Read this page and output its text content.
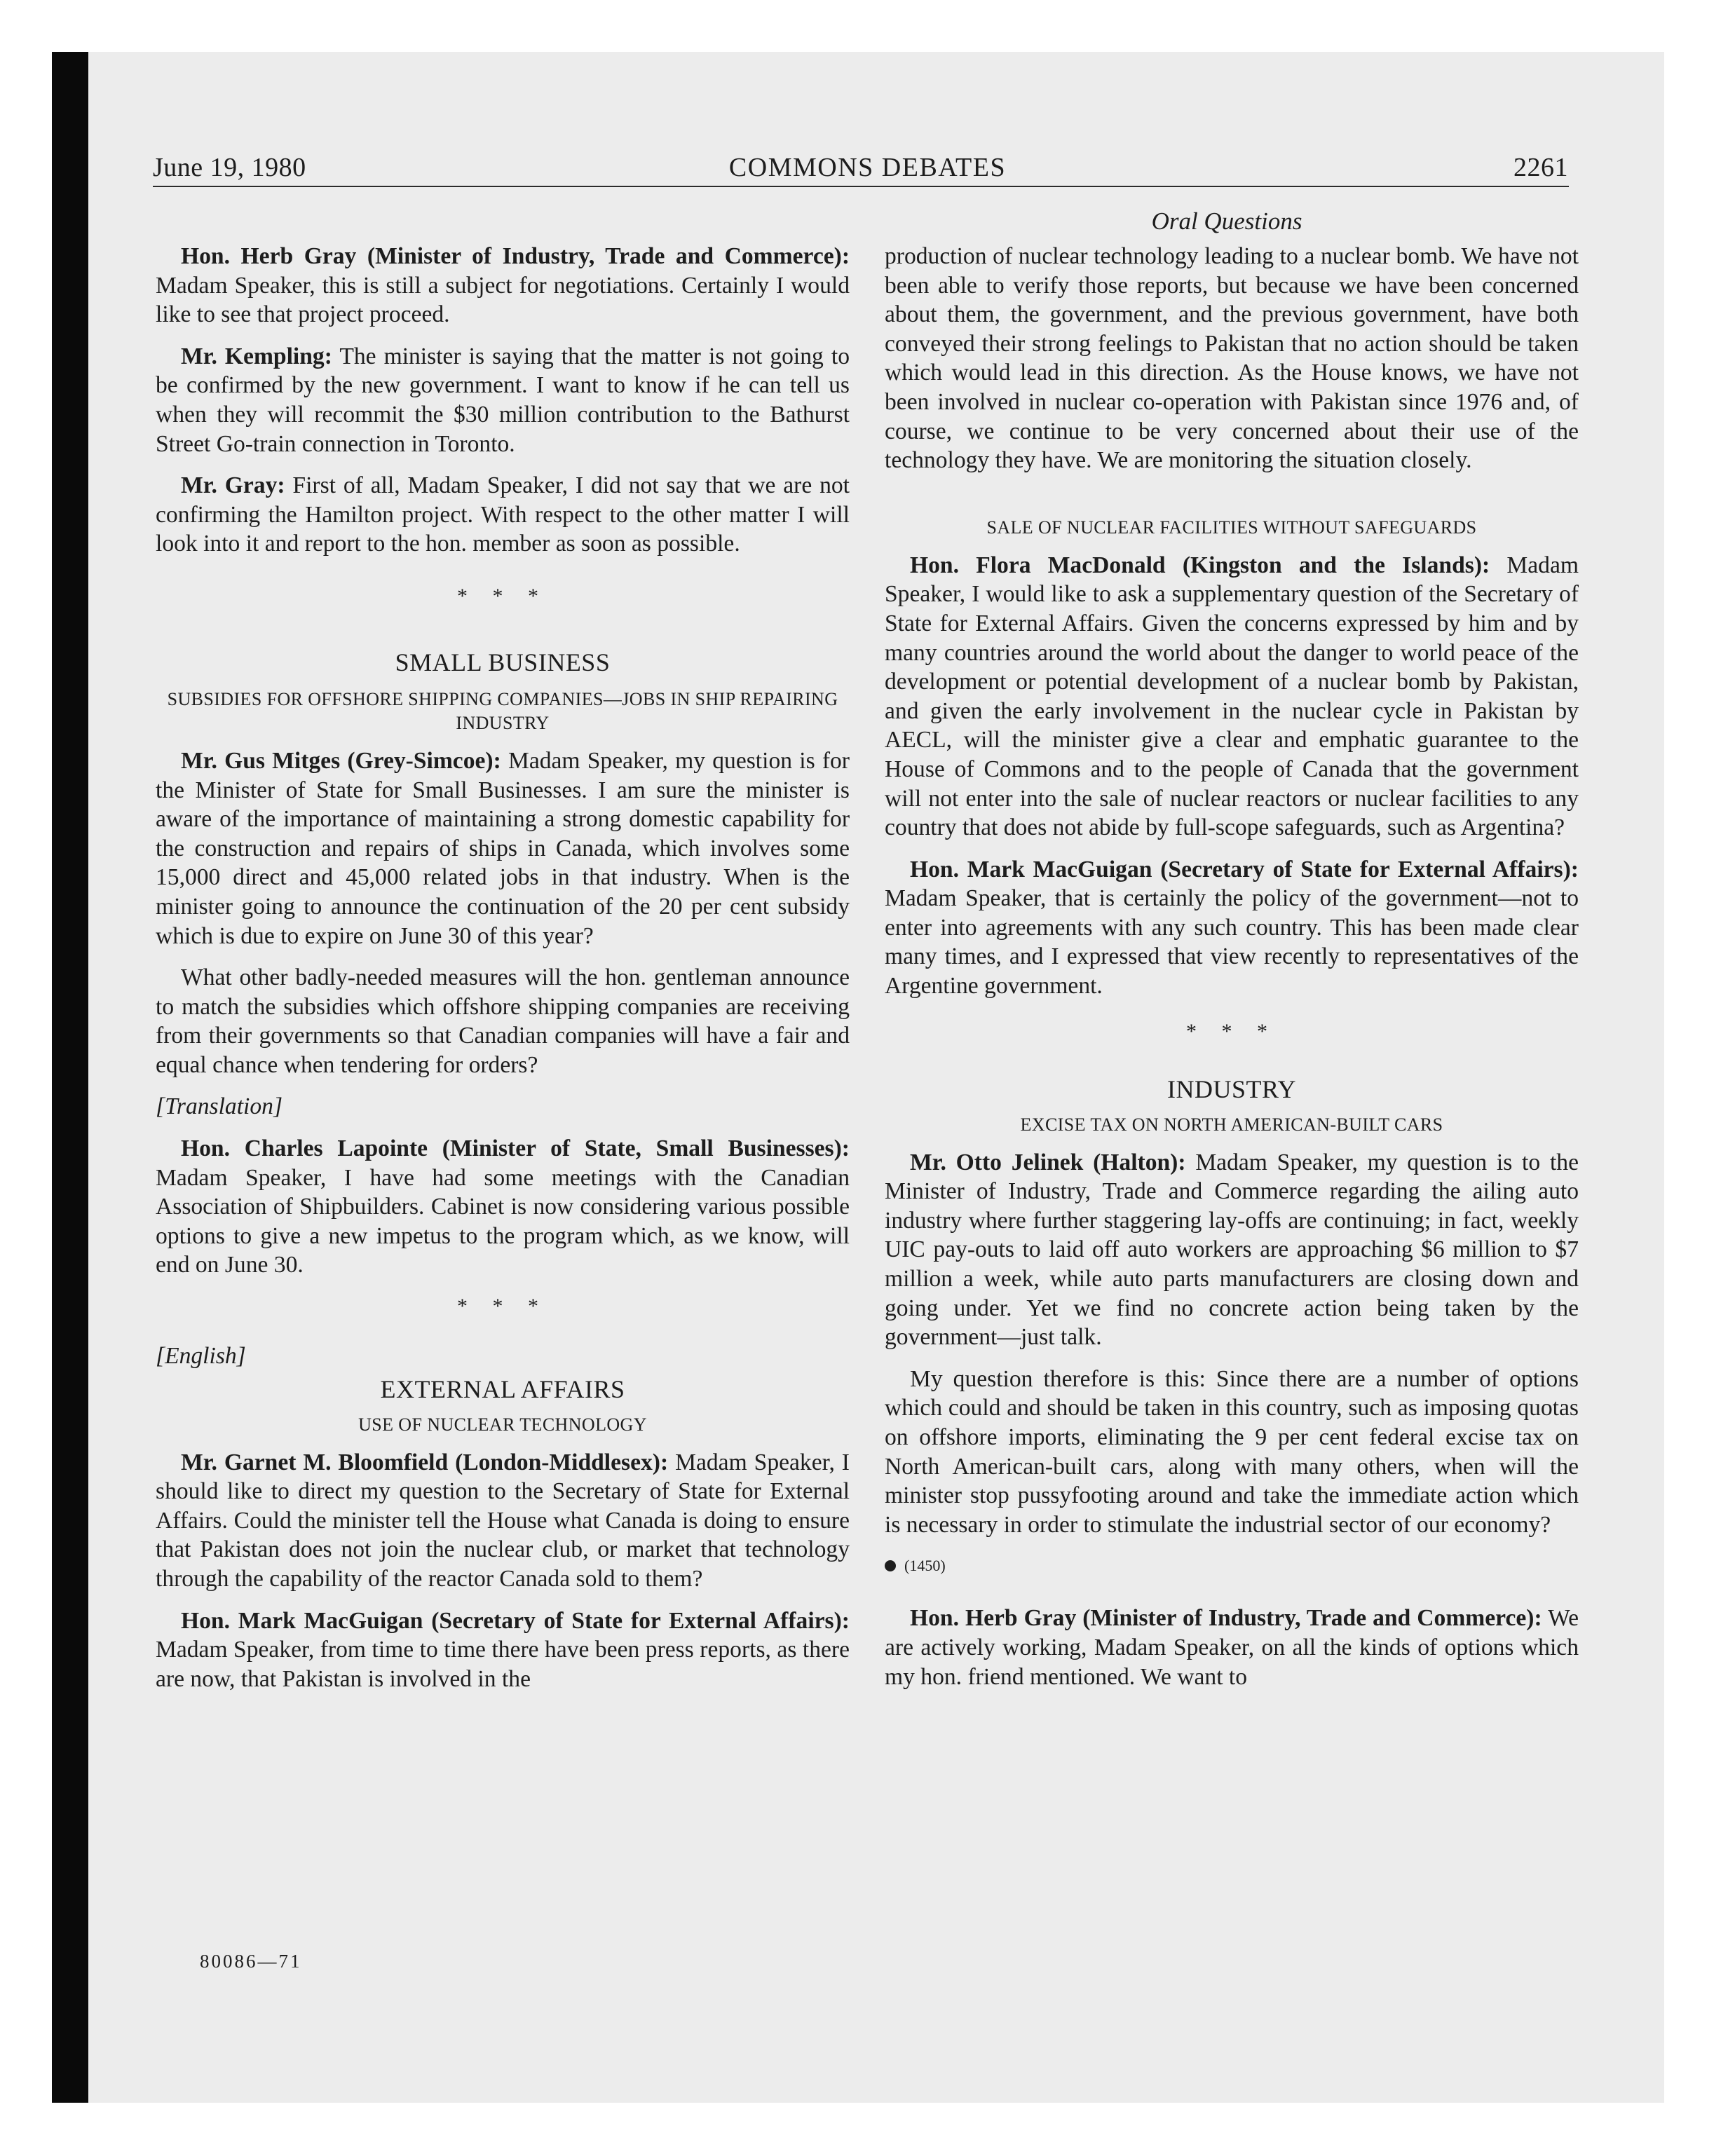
June 19, 1980	COMMONS DEBATES	2261
Oral Questions

Hon. Herb Gray (Minister of Industry, Trade and Commerce): Madam Speaker, this is still a subject for negotiations. Certainly I would like to see that project proceed.

Mr. Kempling: The minister is saying that the matter is not going to be confirmed by the new government. I want to know if he can tell us when they will recommit the $30 million contribution to the Bathurst Street Go-train connection in Toronto.

Mr. Gray: First of all, Madam Speaker, I did not say that we are not confirming the Hamilton project. With respect to the other matter I will look into it and report to the hon. member as soon as possible.

* * *
SMALL BUSINESS
SUBSIDIES FOR OFFSHORE SHIPPING COMPANIES—JOBS IN SHIP REPAIRING INDUSTRY

Mr. Gus Mitges (Grey-Simcoe): Madam Speaker, my question is for the Minister of State for Small Businesses. I am sure the minister is aware of the importance of maintaining a strong domestic capability for the construction and repairs of ships in Canada, which involves some 15,000 direct and 45,000 related jobs in that industry. When is the minister going to announce the continuation of the 20 per cent subsidy which is due to expire on June 30 of this year?

What other badly-needed measures will the hon. gentleman announce to match the subsidies which offshore shipping companies are receiving from their governments so that Canadian companies will have a fair and equal chance when tendering for orders?

[Translation]

Hon. Charles Lapointe (Minister of State, Small Businesses): Madam Speaker, I have had some meetings with the Canadian Association of Shipbuilders. Cabinet is now considering various possible options to give a new impetus to the program which, as we know, will end on June 30.

* * *

[English]

EXTERNAL AFFAIRS
USE OF NUCLEAR TECHNOLOGY

Mr. Garnet M. Bloomfield (London-Middlesex): Madam Speaker, I should like to direct my question to the Secretary of State for External Affairs. Could the minister tell the House what Canada is doing to ensure that Pakistan does not join the nuclear club, or market that technology through the capability of the reactor Canada sold to them?

Hon. Mark MacGuigan (Secretary of State for External Affairs): Madam Speaker, from time to time there have been press reports, as there are now, that Pakistan is involved in the

production of nuclear technology leading to a nuclear bomb. We have not been able to verify those reports, but because we have been concerned about them, the government, and the previous government, have both conveyed their strong feelings to Pakistan that no action should be taken which would lead in this direction. As the House knows, we have not been involved in nuclear co-operation with Pakistan since 1976 and, of course, we continue to be very concerned about their use of the technology they have. We are monitoring the situation closely.

SALE OF NUCLEAR FACILITIES WITHOUT SAFEGUARDS

Hon. Flora MacDonald (Kingston and the Islands): Madam Speaker, I would like to ask a supplementary question of the Secretary of State for External Affairs. Given the concerns expressed by him and by many countries around the world about the danger to world peace of the development or potential development of a nuclear bomb by Pakistan, and given the early involvement in the nuclear cycle in Pakistan by AECL, will the minister give a clear and emphatic guarantee to the House of Commons and to the people of Canada that the government will not enter into the sale of nuclear reactors or nuclear facilities to any country that does not abide by full-scope safeguards, such as Argentina?

Hon. Mark MacGuigan (Secretary of State for External Affairs): Madam Speaker, that is certainly the policy of the government—not to enter into agreements with any such country. This has been made clear many times, and I expressed that view recently to representatives of the Argentine government.

* * *
INDUSTRY
EXCISE TAX ON NORTH AMERICAN-BUILT CARS

Mr. Otto Jelinek (Halton): Madam Speaker, my question is to the Minister of Industry, Trade and Commerce regarding the ailing auto industry where further staggering lay-offs are continuing; in fact, weekly UIC pay-outs to laid off auto workers are approaching $6 million to $7 million a week, while auto parts manufacturers are closing down and going under. Yet we find no concrete action being taken by the government—just talk.

My question therefore is this: Since there are a number of options which could and should be taken in this country, such as imposing quotas on offshore imports, eliminating the 9 per cent federal excise tax on North American-built cars, along with many others, when will the minister stop pussyfooting around and take the immediate action which is necessary in order to stimulate the industrial sector of our economy?

(1450)

Hon. Herb Gray (Minister of Industry, Trade and Commerce): We are actively working, Madam Speaker, on all the kinds of options which my hon. friend mentioned. We want to

80086—71
